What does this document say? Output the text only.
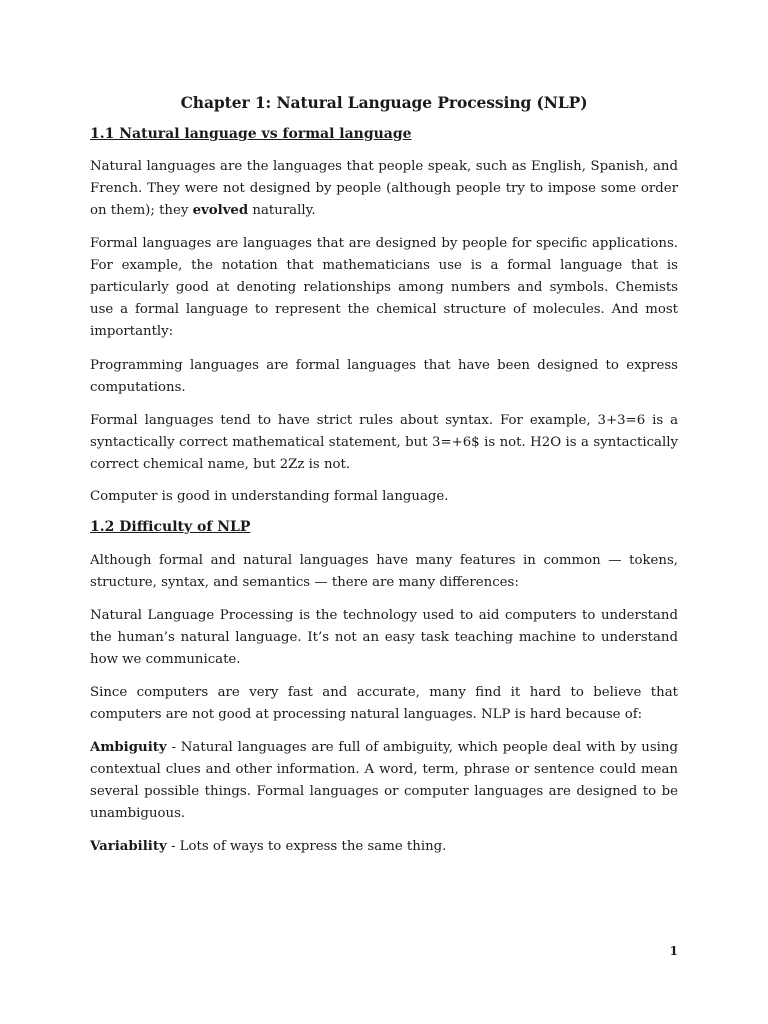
Chapter 1: Natural Language Processing (NLP)
1.1 Natural language vs formal language

Natural languages are the languages that people speak, such as English, Spanish, and French. They were not designed by people (although people try to impose some order on them); they evolved naturally.

Formal languages are languages that are designed by people for specific applications. For example, the notation that mathematicians use is a formal language that is particularly good at denoting relationships among numbers and symbols. Chemists use a formal language to represent the chemical structure of molecules. And most importantly:

Programming languages are formal languages that have been designed to express computations.

Formal languages tend to have strict rules about syntax. For example, 3+3=6 is a syntactically correct mathematical statement, but 3=+6$ is not. H2O is a syntactically correct chemical name, but 2Zz is not.

Computer is good in understanding formal language.

1.2 Difficulty of NLP

Although formal and natural languages have many features in common — tokens, structure, syntax, and semantics — there are many differences:

Natural Language Processing is the technology used to aid computers to understand the human’s natural language. It’s not an easy task teaching machine to understand how we communicate.

Since computers are very fast and accurate, many find it hard to believe that computers are not good at processing natural languages. NLP is hard because of:

Ambiguity - Natural languages are full of ambiguity, which people deal with by using contextual clues and other information. A word, term, phrase or sentence could mean several possible things. Formal languages or computer languages are designed to be unambiguous.

Variability - Lots of ways to express the same thing.

1
